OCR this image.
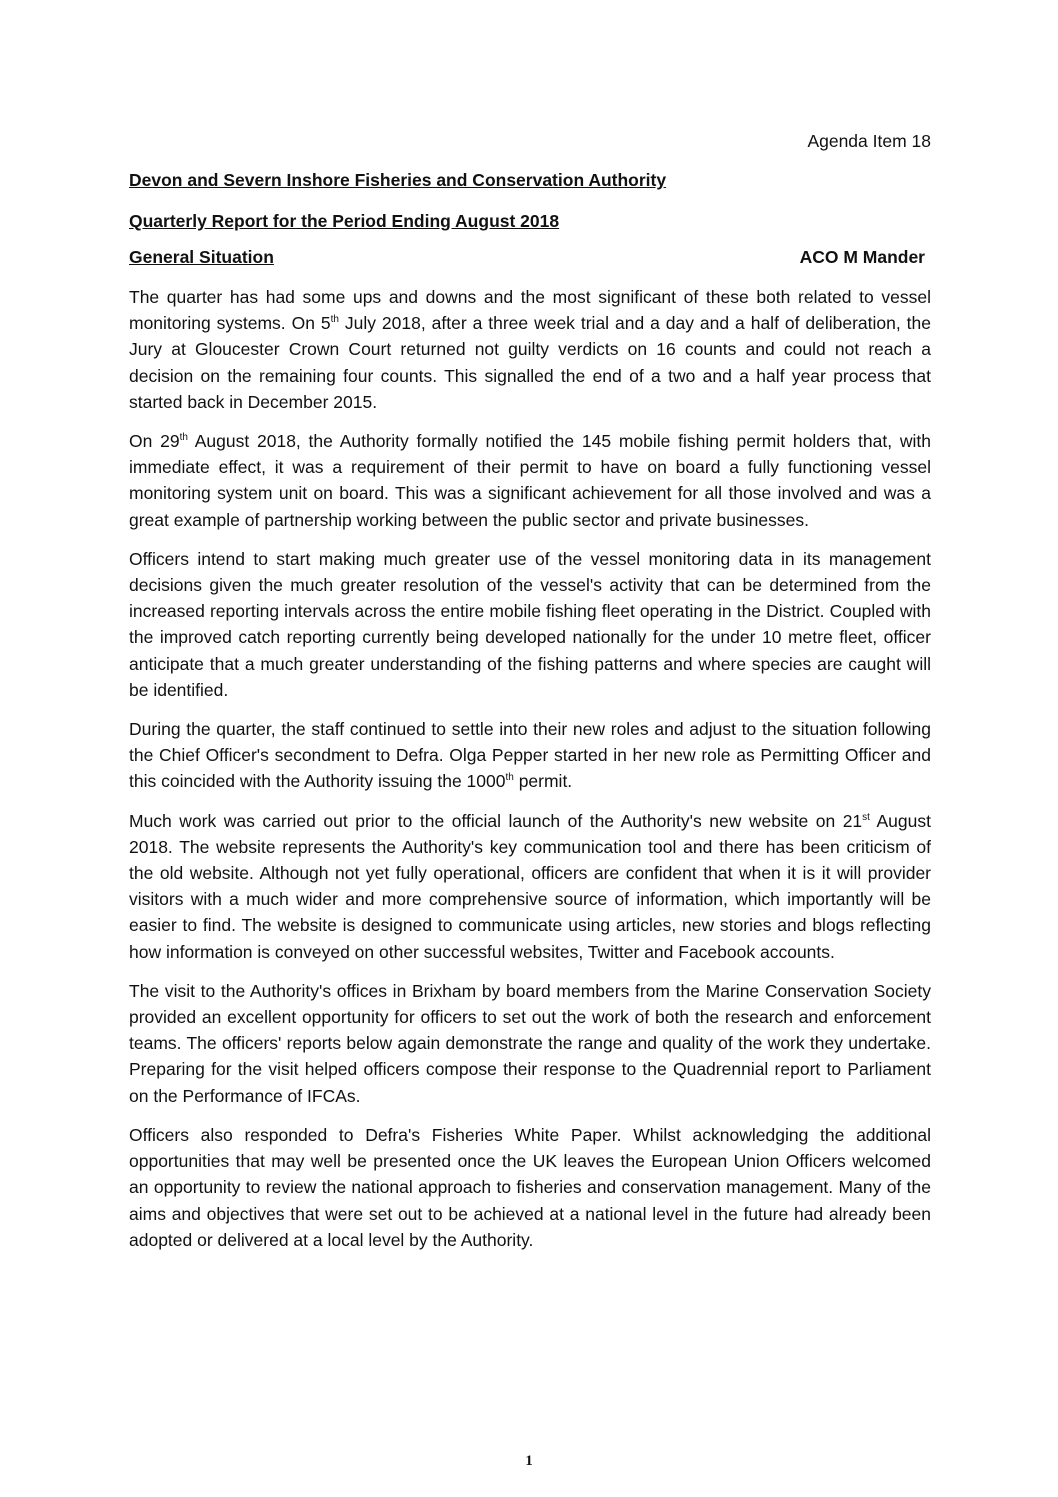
Agenda Item 18
Devon and Severn Inshore Fisheries and Conservation Authority
Quarterly Report for the Period Ending August 2018
General Situation	ACO M Mander

The quarter has had some ups and downs and the most significant of these both related to vessel monitoring systems. On 5th July 2018, after a three week trial and a day and a half of deliberation, the Jury at Gloucester Crown Court returned not guilty verdicts on 16 counts and could not reach a decision on the remaining four counts. This signalled the end of a two and a half year process that started back in December 2015.

On 29th August 2018, the Authority formally notified the 145 mobile fishing permit holders that, with immediate effect, it was a requirement of their permit to have on board a fully functioning vessel monitoring system unit on board. This was a significant achievement for all those involved and was a great example of partnership working between the public sector and private businesses.

Officers intend to start making much greater use of the vessel monitoring data in its management decisions given the much greater resolution of the vessel's activity that can be determined from the increased reporting intervals across the entire mobile fishing fleet operating in the District. Coupled with the improved catch reporting currently being developed nationally for the under 10 metre fleet, officer anticipate that a much greater understanding of the fishing patterns and where species are caught will be identified.

During the quarter, the staff continued to settle into their new roles and adjust to the situation following the Chief Officer's secondment to Defra. Olga Pepper started in her new role as Permitting Officer and this coincided with the Authority issuing the 1000th permit.

Much work was carried out prior to the official launch of the Authority's new website on 21st August 2018. The website represents the Authority's key communication tool and there has been criticism of the old website. Although not yet fully operational, officers are confident that when it is it will provider visitors with a much wider and more comprehensive source of information, which importantly will be easier to find. The website is designed to communicate using articles, new stories and blogs reflecting how information is conveyed on other successful websites, Twitter and Facebook accounts.

The visit to the Authority's offices in Brixham by board members from the Marine Conservation Society provided an excellent opportunity for officers to set out the work of both the research and enforcement teams. The officers' reports below again demonstrate the range and quality of the work they undertake. Preparing for the visit helped officers compose their response to the Quadrennial report to Parliament on the Performance of IFCAs.

Officers also responded to Defra's Fisheries White Paper. Whilst acknowledging the additional opportunities that may well be presented once the UK leaves the European Union Officers welcomed an opportunity to review the national approach to fisheries and conservation management. Many of the aims and objectives that were set out to be achieved at a national level in the future had already been adopted or delivered at a local level by the Authority.

1
